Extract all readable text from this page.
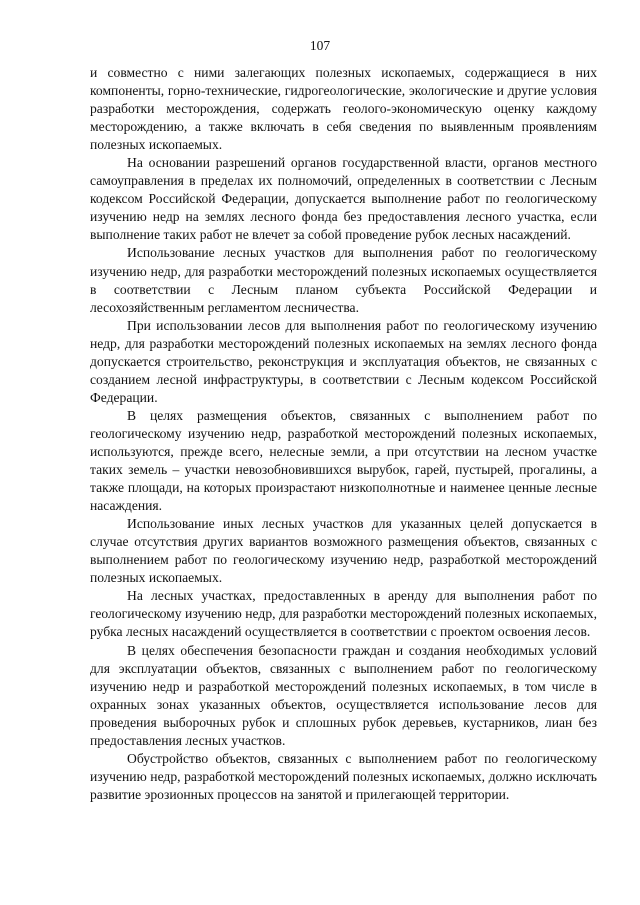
107

и совместно с ними залегающих полезных ископаемых, содержащиеся в них компоненты, горно-технические, гидрогеологические, экологические и другие условия разработки месторождения, содержать геолого-экономическую оценку каждому месторождению, а также включать в себя сведения по выявленным проявлениям полезных ископаемых.

На основании разрешений органов государственной власти, органов местного самоуправления в пределах их полномочий, определенных в соответствии с Лесным кодексом Российской Федерации, допускается выполнение работ по геологическому изучению недр на землях лесного фонда без предоставления лесного участка, если выполнение таких работ не влечет за собой проведение рубок лесных насаждений.

Использование лесных участков для выполнения работ по геологическому изучению недр, для разработки месторождений полезных ископаемых осуществляется в соответствии с Лесным планом субъекта Российской Федерации и лесохозяйственным регламентом лесничества.

При использовании лесов для выполнения работ по геологическому изучению недр, для разработки месторождений полезных ископаемых на землях лесного фонда допускается строительство, реконструкция и эксплуатация объектов, не связанных с созданием лесной инфраструктуры, в соответствии с Лесным кодексом Российской Федерации.

В целях размещения объектов, связанных с выполнением работ по геологическому изучению недр, разработкой месторождений полезных ископаемых, используются, прежде всего, нелесные земли, а при отсутствии на лесном участке таких земель – участки невозобновившихся вырубок, гарей, пустырей, прогалины, а также площади, на которых произрастают низкополнотные и наименее ценные лесные насаждения.

Использование иных лесных участков для указанных целей допускается в случае отсутствия других вариантов возможного размещения объектов, связанных с выполнением работ по геологическому изучению недр, разработкой месторождений полезных ископаемых.

На лесных участках, предоставленных в аренду для выполнения работ по геологическому изучению недр, для разработки месторождений полезных ископаемых, рубка лесных насаждений осуществляется в соответствии с проектом освоения лесов.

В целях обеспечения безопасности граждан и создания необходимых условий для эксплуатации объектов, связанных с выполнением работ по геологическому изучению недр и разработкой месторождений полезных ископаемых, в том числе в охранных зонах указанных объектов, осуществляется использование лесов для проведения выборочных рубок и сплошных рубок деревьев, кустарников, лиан без предоставления лесных участков.

Обустройство объектов, связанных с выполнением работ по геологическому изучению недр, разработкой месторождений полезных ископаемых, должно исключать развитие эрозионных процессов на занятой и прилегающей территории.
